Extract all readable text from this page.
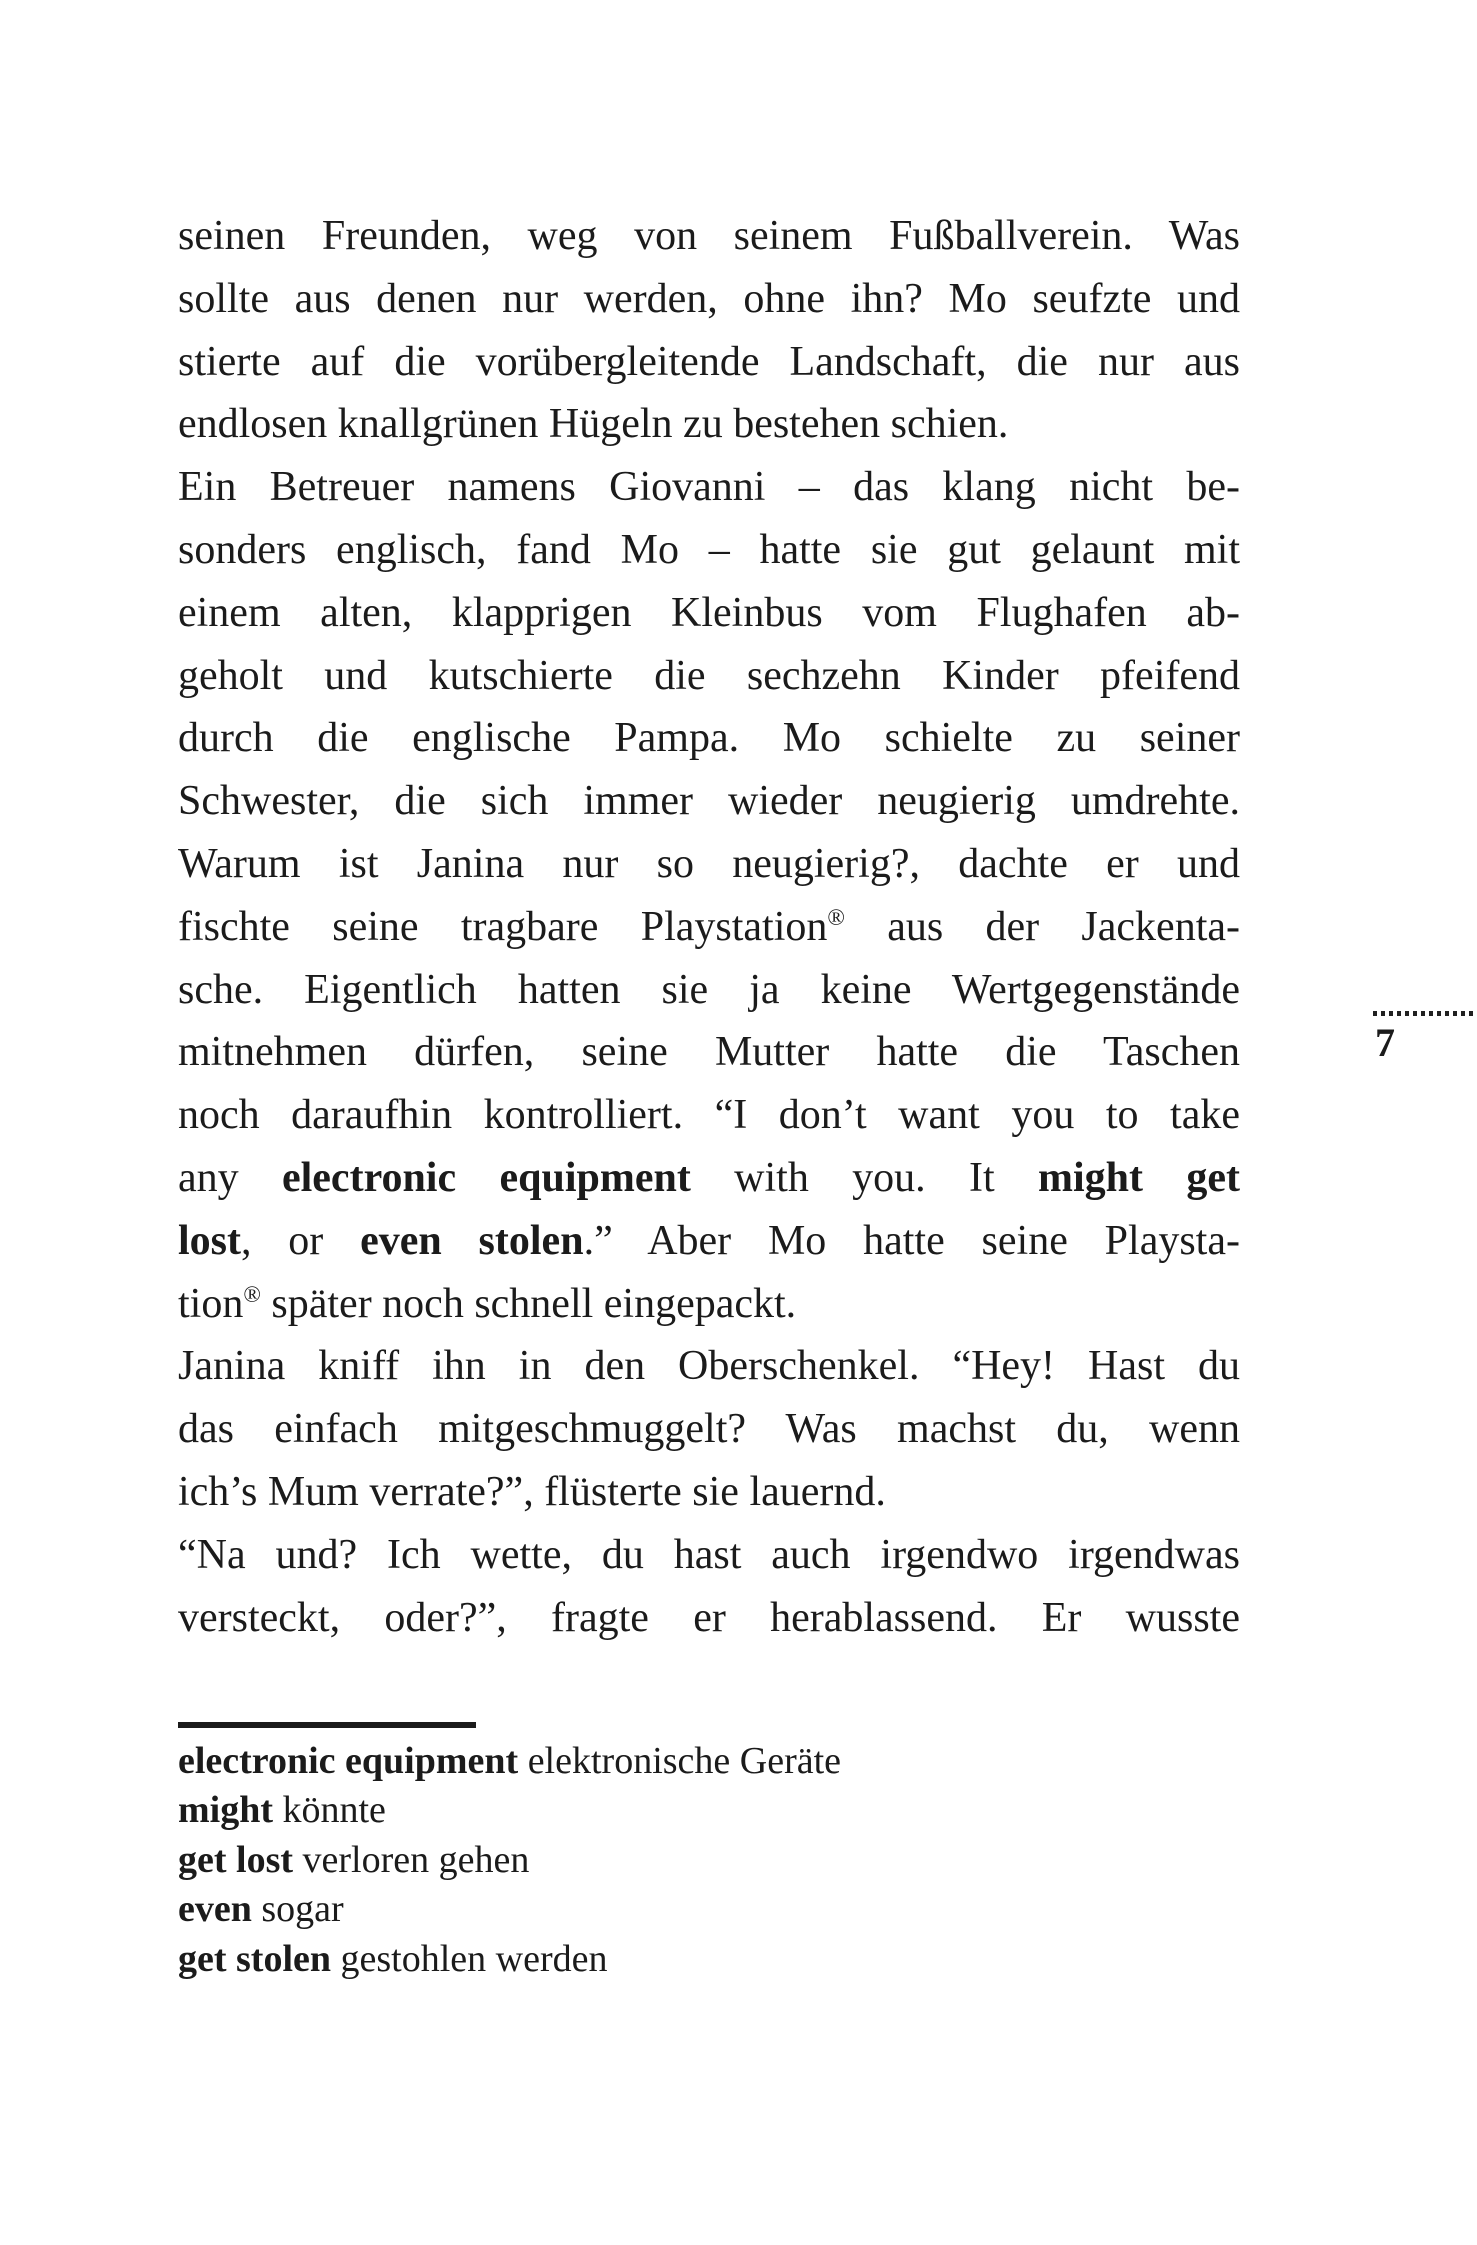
seinen Freunden, weg von seinem Fußballverein. Was
sollte aus denen nur werden, ohne ihn? Mo seufzte und
stierte auf die vorübergleitende Landschaft, die nur aus
endlosen knallgrünen Hügeln zu bestehen schien.
Ein Betreuer namens Giovanni – das klang nicht be-
sonders englisch, fand Mo – hatte sie gut gelaunt mit
einem alten, klapprigen Kleinbus vom Flughafen ab-
geholt und kutschierte die sechzehn Kinder pfeifend
durch die englische Pampa. Mo schielte zu seiner
Schwester, die sich immer wieder neugierig umdrehte.
Warum ist Janina nur so neugierig?, dachte er und
fischte seine tragbare Playstation® aus der Jackenta-
sche. Eigentlich hatten sie ja keine Wertgegenstände
mitnehmen dürfen, seine Mutter hatte die Taschen
noch daraufhin kontrolliert. “I don’t want you to take
any electronic equipment with you. It might get
lost, or even stolen.” Aber Mo hatte seine Playsta-
tion® später noch schnell eingepackt.
Janina kniff ihn in den Oberschenkel. “Hey! Hast du
das einfach mitgeschmuggelt? Was machst du, wenn
ich’s Mum verrate?”, flüsterte sie lauernd.
“Na und? Ich wette, du hast auch irgendwo irgendwas
versteckt, oder?”, fragte er herablassend. Er wusste
7
electronic equipment elektronische Geräte
might könnte
get lost verloren gehen
even sogar
get stolen gestohlen werden
